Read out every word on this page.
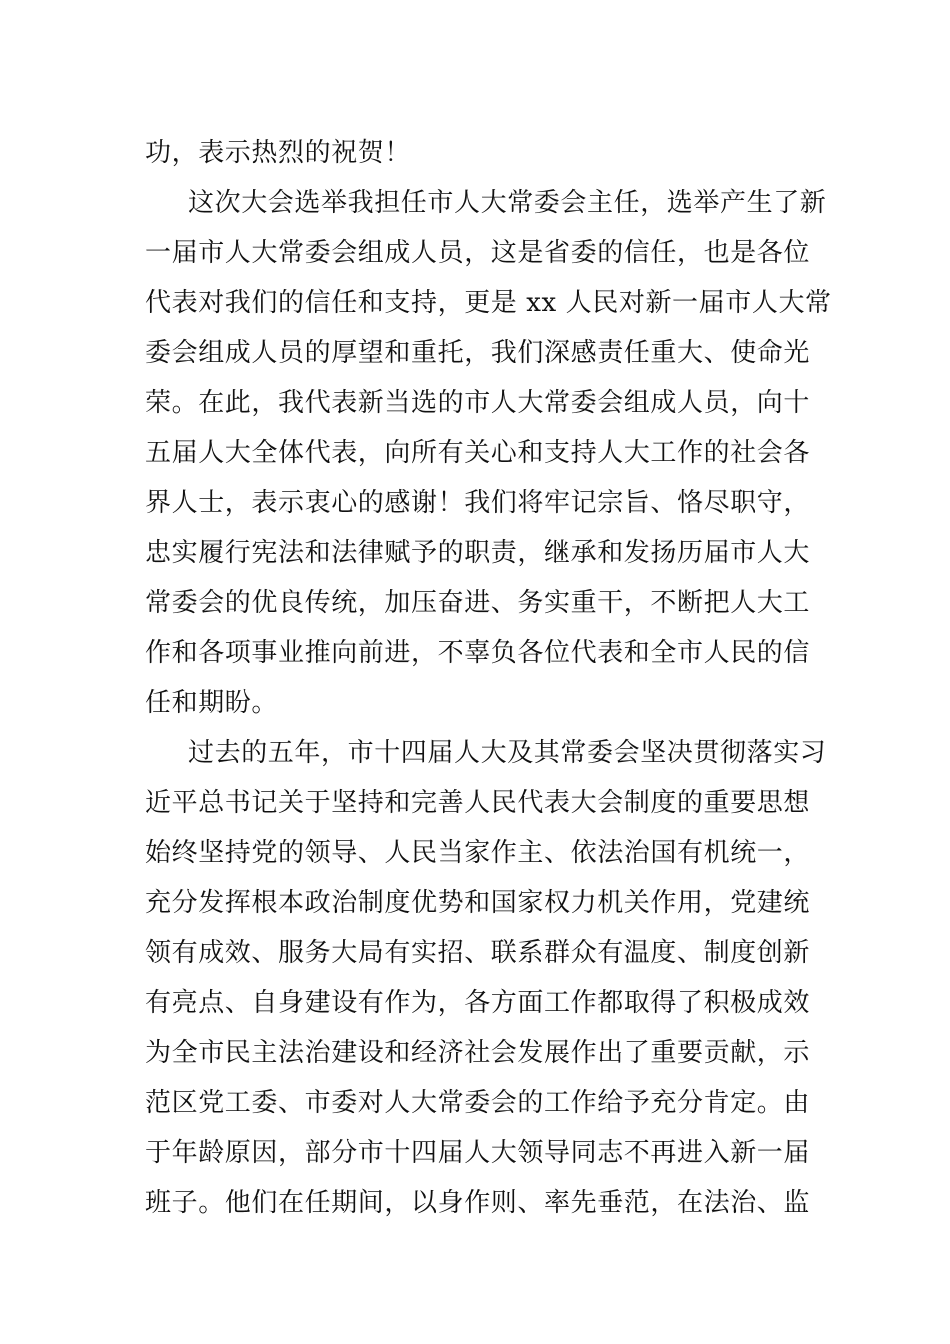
功，表示热烈的祝贺！
这次大会选举我担任市人大常委会主任，选举产生了新
一届市人大常委会组成人员，这是省委的信任，也是各位
代表对我们的信任和支持，更是 xx 人民对新一届市人大常
委会组成人员的厚望和重托，我们深感责任重大、使命光
荣。在此，我代表新当选的市人大常委会组成人员，向十
五届人大全体代表，向所有关心和支持人大工作的社会各
界人士，表示衷心的感谢！我们将牢记宗旨、恪尽职守，
忠实履行宪法和法律赋予的职责，继承和发扬历届市人大
常委会的优良传统，加压奋进、务实重干，不断把人大工
作和各项事业推向前进，不辜负各位代表和全市人民的信
任和期盼。
过去的五年，市十四届人大及其常委会坚决贯彻落实习
近平总书记关于坚持和完善人民代表大会制度的重要思想
始终坚持党的领导、人民当家作主、依法治国有机统一，
充分发挥根本政治制度优势和国家权力机关作用，党建统
领有成效、服务大局有实招、联系群众有温度、制度创新
有亮点、自身建设有作为，各方面工作都取得了积极成效
为全市民主法治建设和经济社会发展作出了重要贡献，示
范区党工委、市委对人大常委会的工作给予充分肯定。由
于年龄原因，部分市十四届人大领导同志不再进入新一届
班子。他们在任期间，以身作则、率先垂范，在法治、监
